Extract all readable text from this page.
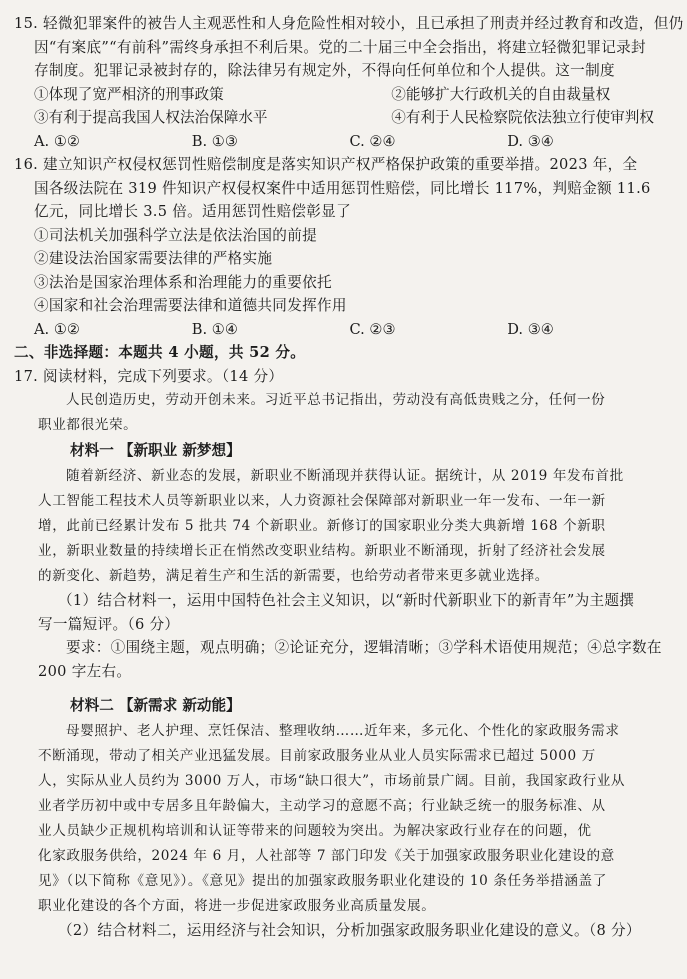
15. 轻微犯罪案件的被告人主观恶性和人身危险性相对较小，且已承担了刑责并经过教育和改造，但仍

因“有案底”“有前科”需终身承担不利后果。党的二十届三中全会指出，将建立轻微犯罪记录封

存制度。犯罪记录被封存的，除法律另有规定外，不得向任何单位和个人提供。这一制度

①体现了宽严相济的刑事政策	②能够扩大行政机关的自由裁量权
③有利于提高我国人权法治保障水平	④有利于人民检察院依法独立行使审判权
A. ①②	B. ①③	C. ②④	D. ③④

16. 建立知识产权侵权惩罚性赔偿制度是落实知识产权严格保护政策的重要举措。2023 年，全

国各级法院在 319 件知识产权侵权案件中适用惩罚性赔偿，同比增长 117%，判赔金额 11.6

亿元，同比增长 3.5 倍。适用惩罚性赔偿彰显了

①司法机关加强科学立法是依法治国的前提

②建设法治国家需要法律的严格实施

③法治是国家治理体系和治理能力的重要依托

④国家和社会治理需要法律和道德共同发挥作用

A. ①②	B. ①④	C. ②③	D. ③④

二、非选择题：本题共 4 小题，共 52 分。

17. 阅读材料，完成下列要求。（14 分）

人民创造历史，劳动开创未来。习近平总书记指出，劳动没有高低贵贱之分，任何一份

职业都很光荣。

材料一 【新职业 新梦想】

随着新经济、新业态的发展，新职业不断涌现并获得认证。据统计，从 2019 年发布首批

人工智能工程技术人员等新职业以来，人力资源社会保障部对新职业一年一发布、一年一新

增，此前已经累计发布 5 批共 74 个新职业。新修订的国家职业分类大典新增 168 个新职

业，新职业数量的持续增长正在悄然改变职业结构。新职业不断涌现，折射了经济社会发展

的新变化、新趋势，满足着生产和生活的新需要，也给劳动者带来更多就业选择。

（1）结合材料一，运用中国特色社会主义知识，以“新时代新职业下的新青年”为主题撰

写一篇短评。（6 分）

要求：①围绕主题，观点明确；②论证充分，逻辑清晰；③学科术语使用规范；④总字数在

200 字左右。

材料二 【新需求 新动能】

母婴照护、老人护理、烹饪保洁、整理收纳……近年来，多元化、个性化的家政服务需求

不断涌现，带动了相关产业迅猛发展。目前家政服务业从业人员实际需求已超过 5000 万

人，实际从业人员约为 3000 万人，市场“缺口很大”，市场前景广阔。目前，我国家政行业从

业者学历初中或中专居多且年龄偏大，主动学习的意愿不高；行业缺乏统一的服务标准、从

业人员缺少正规机构培训和认证等带来的问题较为突出。为解决家政行业存在的问题，优

化家政服务供给，2024 年 6 月，人社部等 7 部门印发《关于加强家政服务职业化建设的意

见》（以下简称《意见》）。《意见》提出的加强家政服务职业化建设的 10 条任务举措涵盖了

职业化建设的各个方面，将进一步促进家政服务业高质量发展。

（2）结合材料二，运用经济与社会知识，分析加强家政服务职业化建设的意义。（8 分）
